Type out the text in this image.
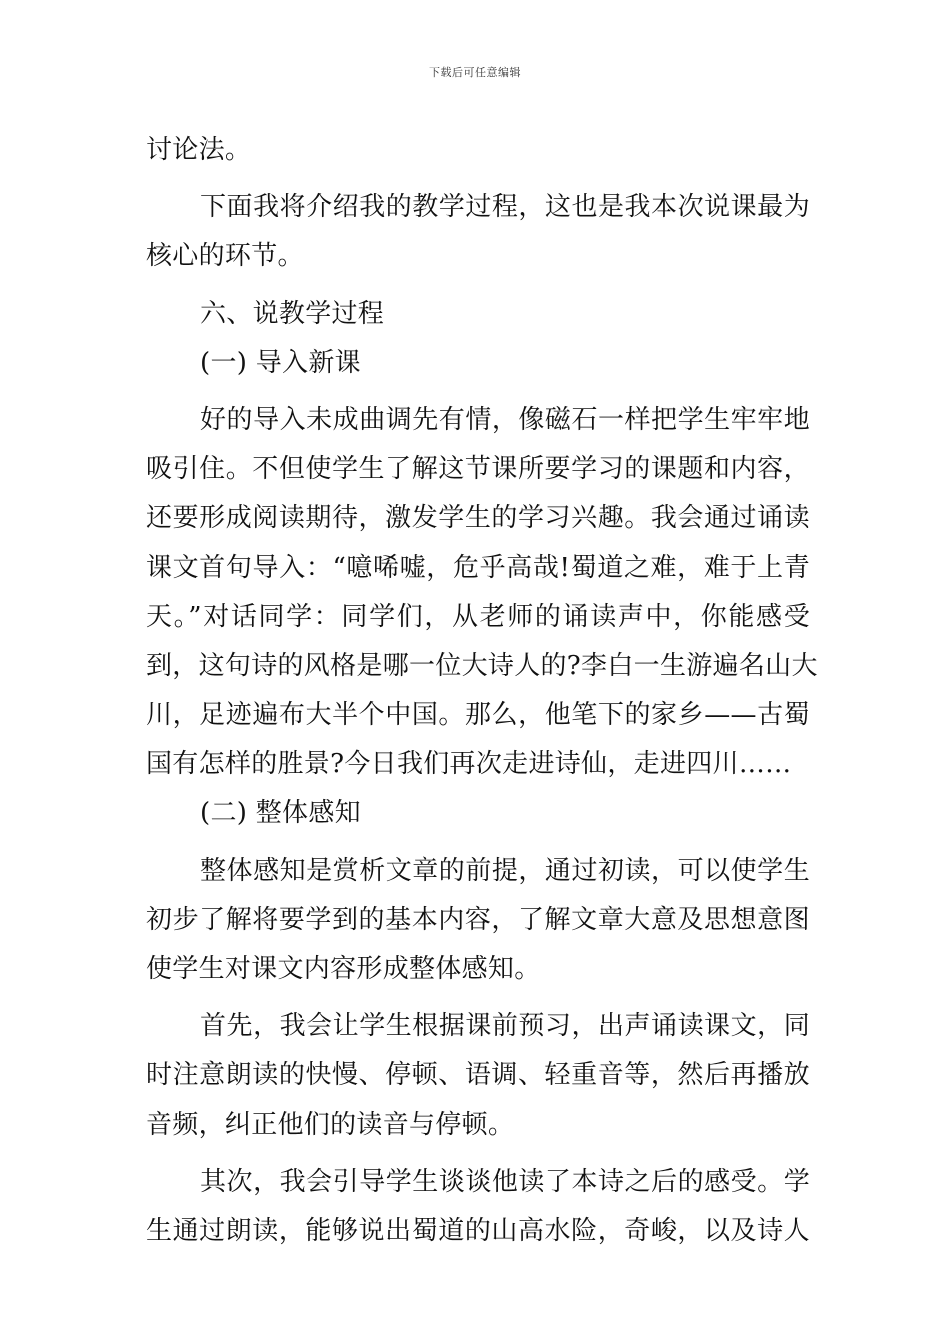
下载后可任意编辑
讨论法。
下面我将介绍我的教学过程，这也是我本次说课最为
核心的环节。
六、说教学过程
(一) 导入新课
好的导入未成曲调先有情，像磁石一样把学生牢牢地
吸引住。不但使学生了解这节课所要学习的课题和内容，
还要形成阅读期待，激发学生的学习兴趣。我会通过诵读
课文首句导入：“噫唏嘘，危乎高哉!蜀道之难，难于上青
天。”对话同学：同学们，从老师的诵读声中，你能感受
到，这句诗的风格是哪一位大诗人的?李白一生游遍名山大
川，足迹遍布大半个中国。那么，他笔下的家乡——古蜀
国有怎样的胜景?今日我们再次走进诗仙，走进四川……
(二) 整体感知
整体感知是赏析文章的前提，通过初读，可以使学生
初步了解将要学到的基本内容，了解文章大意及思想意图
使学生对课文内容形成整体感知。
首先，我会让学生根据课前预习，出声诵读课文，同
时注意朗读的快慢、停顿、语调、轻重音等，然后再播放
音频，纠正他们的读音与停顿。
其次，我会引导学生谈谈他读了本诗之后的感受。学
生通过朗读，能够说出蜀道的山高水险，奇峻，以及诗人
